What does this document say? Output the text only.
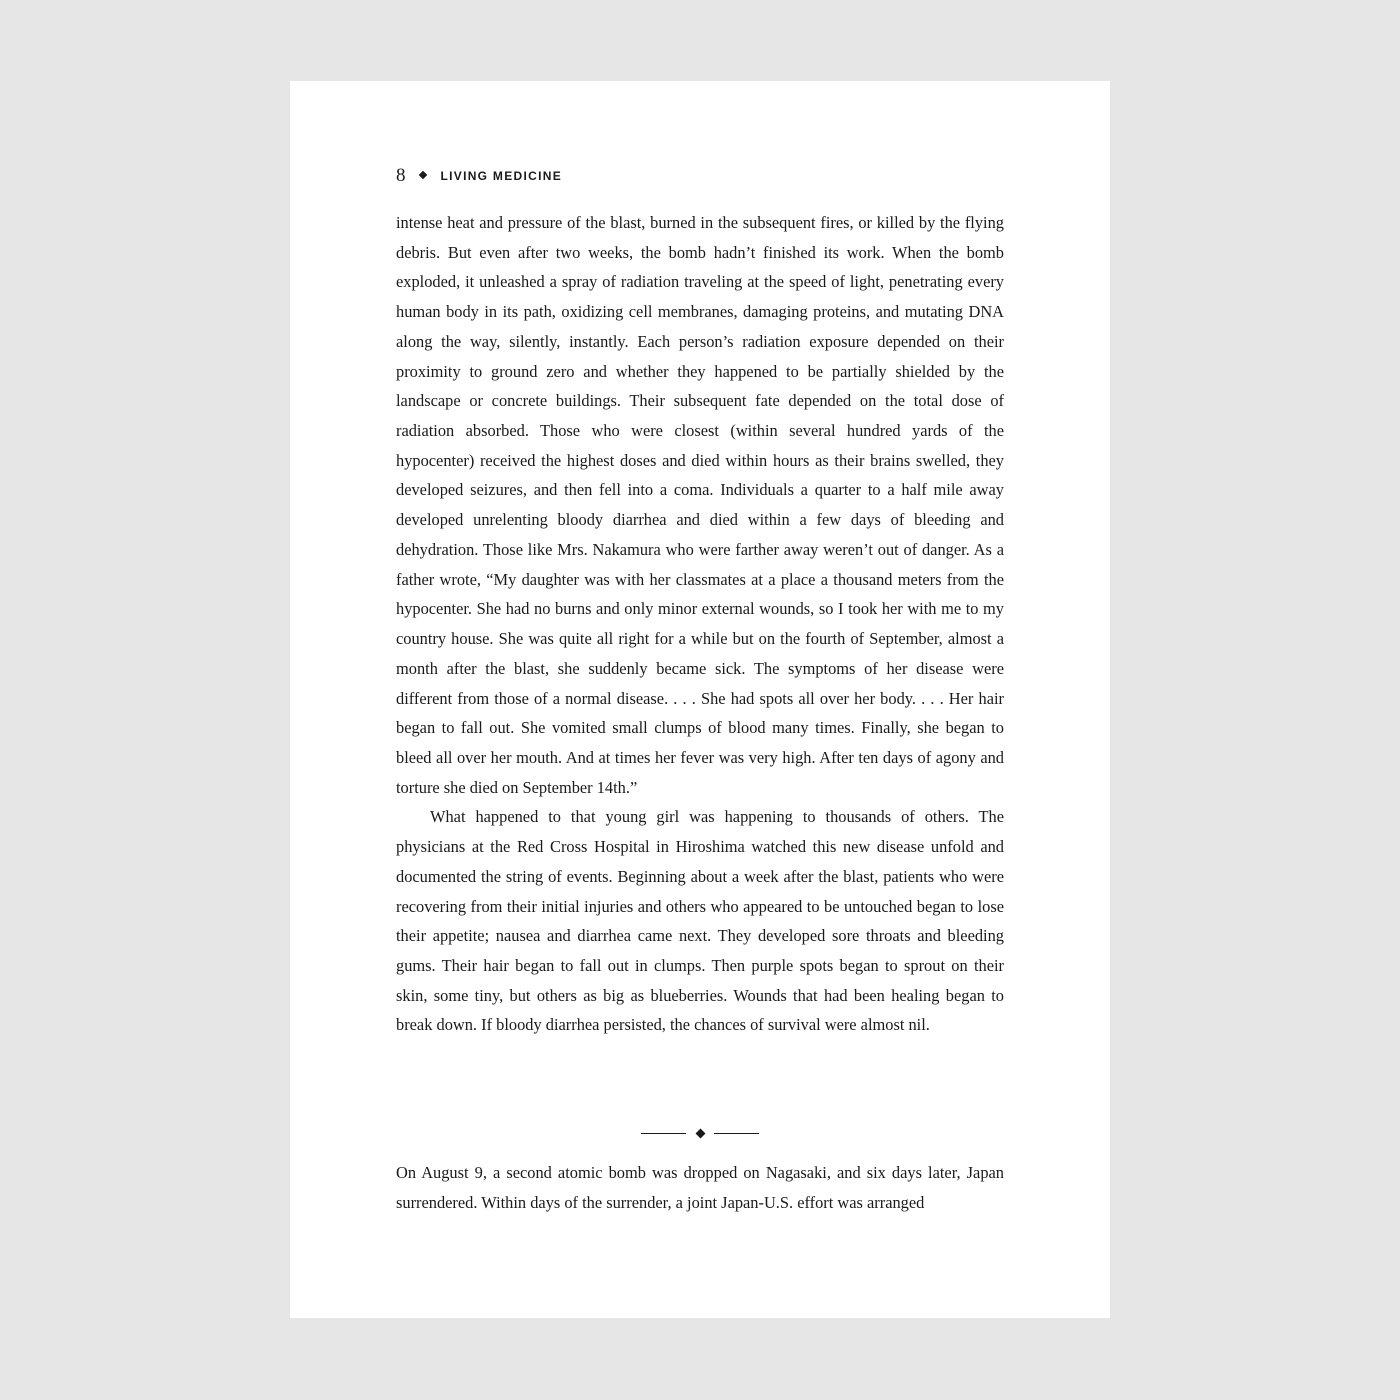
8	LIVING MEDICINE

intense heat and pressure of the blast, burned in the subsequent fires, or killed by the flying debris. But even after two weeks, the bomb hadn’t finished its work. When the bomb exploded, it unleashed a spray of radiation traveling at the speed of light, penetrating every human body in its path, oxidizing cell membranes, damaging proteins, and mutating DNA along the way, silently, instantly. Each person’s radiation exposure depended on their proximity to ground zero and whether they happened to be partially shielded by the landscape or concrete buildings. Their subsequent fate depended on the total dose of radiation absorbed. Those who were closest (within several hundred yards of the hypocenter) received the highest doses and died within hours as their brains swelled, they developed seizures, and then fell into a coma. Individuals a quarter to a half mile away developed unrelenting bloody diarrhea and died within a few days of bleeding and dehydration. Those like Mrs. Nakamura who were farther away weren’t out of danger. As a father wrote, “My daughter was with her classmates at a place a thousand meters from the hypocenter. She had no burns and only minor external wounds, so I took her with me to my country house. She was quite all right for a while but on the fourth of September, almost a month after the blast, she suddenly became sick. The symptoms of her disease were different from those of a normal disease. . . . She had spots all over her body. . . . Her hair began to fall out. She vomited small clumps of blood many times. Finally, she began to bleed all over her mouth. And at times her fever was very high. After ten days of agony and torture she died on September 14th.”

What happened to that young girl was happening to thousands of others. The physicians at the Red Cross Hospital in Hiroshima watched this new disease unfold and documented the string of events. Beginning about a week after the blast, patients who were recovering from their initial injuries and others who appeared to be untouched began to lose their appetite; nausea and diarrhea came next. They developed sore throats and bleeding gums. Their hair began to fall out in clumps. Then purple spots began to sprout on their skin, some tiny, but others as big as blueberries. Wounds that had been healing began to break down. If bloody diarrhea persisted, the chances of survival were almost nil.

On August 9, a second atomic bomb was dropped on Nagasaki, and six days later, Japan surrendered. Within days of the surrender, a joint Japan-U.S. effort was arranged
